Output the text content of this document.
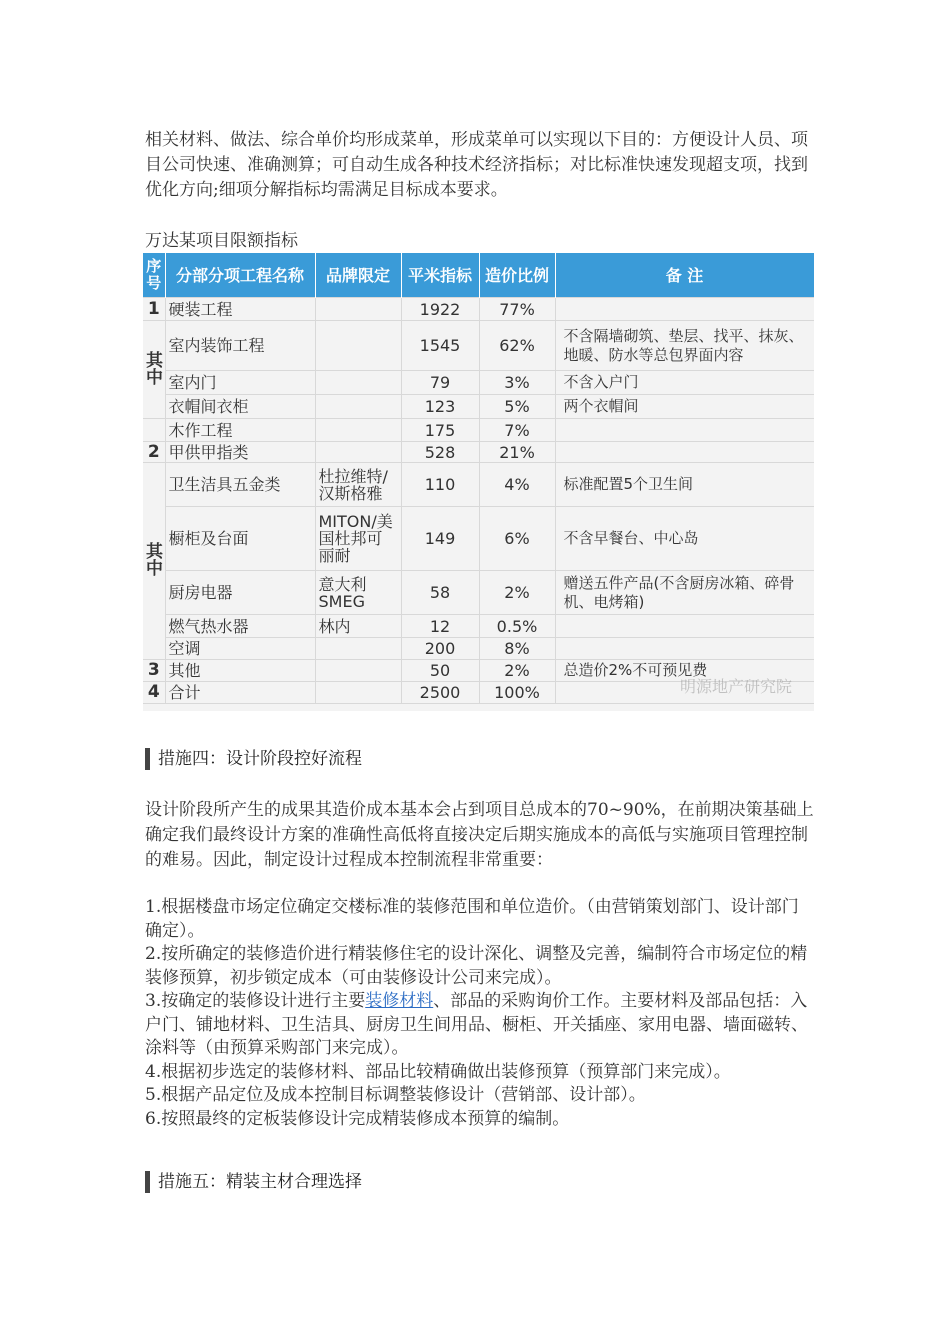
相关材料、做法、综合单价均形成菜单，形成菜单可以实现以下目的：方便设计人员、项目公司快速、准确测算；可自动生成各种技术经济指标；对比标准快速发现超支项，找到优化方向;细项分解指标均需满足目标成本要求。
万达某项目限额指标
序号	分部分项工程名称	品牌限定	平米指标	造价比例	备 注
1	硬装工程		1922	77%	
其中	室内装饰工程		1545	62%	不含隔墙砌筑、垫层、找平、抹灰、地暖、防水等总包界面内容
	室内门		79	3%	不含入户门
	衣帽间衣柜		123	5%	两个衣帽间
	木作工程		175	7%	
2	甲供甲指类		528	21%	
其中	卫生洁具五金类	杜拉维特/汉斯格雅	110	4%	标准配置5个卫生间
	橱柜及台面	MITON/美国杜邦可丽耐	149	6%	不含早餐台、中心岛
	厨房电器	意大利SMEG	58	2%	赠送五件产品(不含厨房冰箱、碎骨机、电烤箱)
	燃气热水器	林内	12	0.5%	
	空调		200	8%	
3	其他		50	2%	总造价2%不可预见费
4	合计		2500	100%		明源地产研究院
措施四：设计阶段控好流程
设计阶段所产生的成果其造价成本基本会占到项目总成本的70~90%，在前期决策基础上确定我们最终设计方案的准确性高低将直接决定后期实施成本的高低与实施项目管理控制的难易。因此，制定设计过程成本控制流程非常重要：
1.根据楼盘市场定位确定交楼标准的装修范围和单位造价。（由营销策划部门、设计部门确定）。
2.按所确定的装修造价进行精装修住宅的设计深化、调整及完善，编制符合市场定位的精装修预算，初步锁定成本（可由装修设计公司来完成）。
3.按确定的装修设计进行主要装修材料、部品的采购询价工作。主要材料及部品包括：入户门、铺地材料、卫生洁具、厨房卫生间用品、橱柜、开关插座、家用电器、墙面磁转、涂料等（由预算采购部门来完成）。
4.根据初步选定的装修材料、部品比较精确做出装修预算（预算部门来完成）。
5.根据产品定位及成本控制目标调整装修设计（营销部、设计部）。
6.按照最终的定板装修设计完成精装修成本预算的编制。
措施五：精装主材合理选择
